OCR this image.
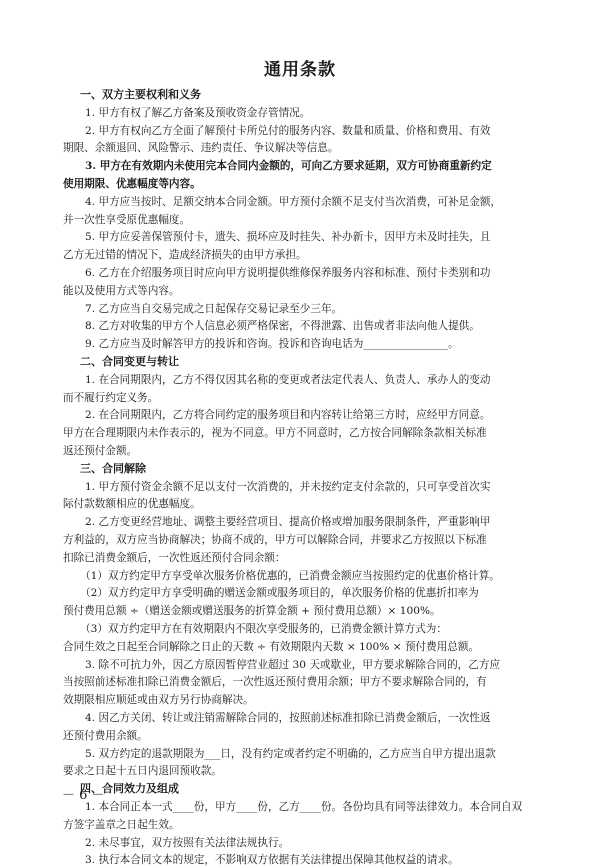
通用条款
一、双方主要权利和义务
1. 甲方有权了解乙方备案及预收资金存管情况。
2. 甲方有权向乙方全面了解预付卡所兑付的服务内容、数量和质量、价格和费用、有效
期限、余额退回、风险警示、违约责任、争议解决等信息。
3. 甲方在有效期内未使用完本合同内金额的，可向乙方要求延期，双方可协商重新约定
使用期限、优惠幅度等内容。
4. 甲方应当按时、足额交纳本合同金额。甲方预付余额不足支付当次消费，可补足金额，
并一次性享受原优惠幅度。
5. 甲方应妥善保管预付卡，遗失、损坏应及时挂失、补办新卡，因甲方未及时挂失，且
乙方无过错的情况下，造成经济损失的由甲方承担。
6. 乙方在介绍服务项目时应向甲方说明提供维修保养服务内容和标准、预付卡类别和功
能以及使用方式等内容。
7. 乙方应当自交易完成之日起保存交易记录至少三年。
8. 乙方对收集的甲方个人信息必须严格保密，不得泄露、出售或者非法向他人提供。
9. 乙方应当及时解答甲方的投诉和咨询。投诉和咨询电话为________________。
二、合同变更与转让
1. 在合同期限内，乙方不得仅因其名称的变更或者法定代表人、负责人、承办人的变动
而不履行约定义务。
2. 在合同期限内，乙方将合同约定的服务项目和内容转让给第三方时，应经甲方同意。
甲方在合理期限内未作表示的，视为不同意。甲方不同意时，乙方按合同解除条款相关标准
返还预付金额。
三、合同解除
1. 甲方预付资金余额不足以支付一次消费的，并未按约定支付余款的，只可享受首次实
际付款数额相应的优惠幅度。
2. 乙方变更经营地址、调整主要经营项目、提高价格或增加服务限制条件，严重影响甲
方利益的，双方应当协商解决；协商不成的，甲方可以解除合同，并要求乙方按照以下标准
扣除已消费金额后，一次性返还预付合同余额：
（1）双方约定甲方享受单次服务价格优惠的，已消费金额应当按照约定的优惠价格计算。
（2）双方约定甲方享受明确的赠送金额或服务项目的，单次服务价格的优惠折扣率为
预付费用总额 ÷（赠送金额或赠送服务的折算金额 + 预付费用总额）× 100%。
（3）双方约定甲方在有效期限内不限次享受服务的，已消费金额计算方式为：
合同生效之日起至合同解除之日止的天数 ÷ 有效期限内天数 × 100% × 预付费用总额。
3. 除不可抗力外，因乙方原因暂停营业超过 30 天或歇业，甲方要求解除合同的，乙方应
当按照前述标准扣除已消费金额后，一次性返还预付费用余额；甲方不要求解除合同的，有
效期限相应顺延或由双方另行协商解决。
4. 因乙方关闭、转让或注销需解除合同的，按照前述标准扣除已消费金额后，一次性返
还预付费用余额。
5. 双方约定的退款期限为___日，没有约定或者约定不明确的，乙方应当自甲方提出退款
要求之日起十五日内退回预收款。
四、合同效力及组成
1. 本合同正本一式____份，甲方____份，乙方____份。各份均具有同等法律效力。本合同自双
方签字盖章之日起生效。
2. 未尽事宜，双方按照有关法律法规执行。
3. 执行本合同文本的规定，不影响双方依据有关法律提出保障其他权益的请求。
－ 6 －
